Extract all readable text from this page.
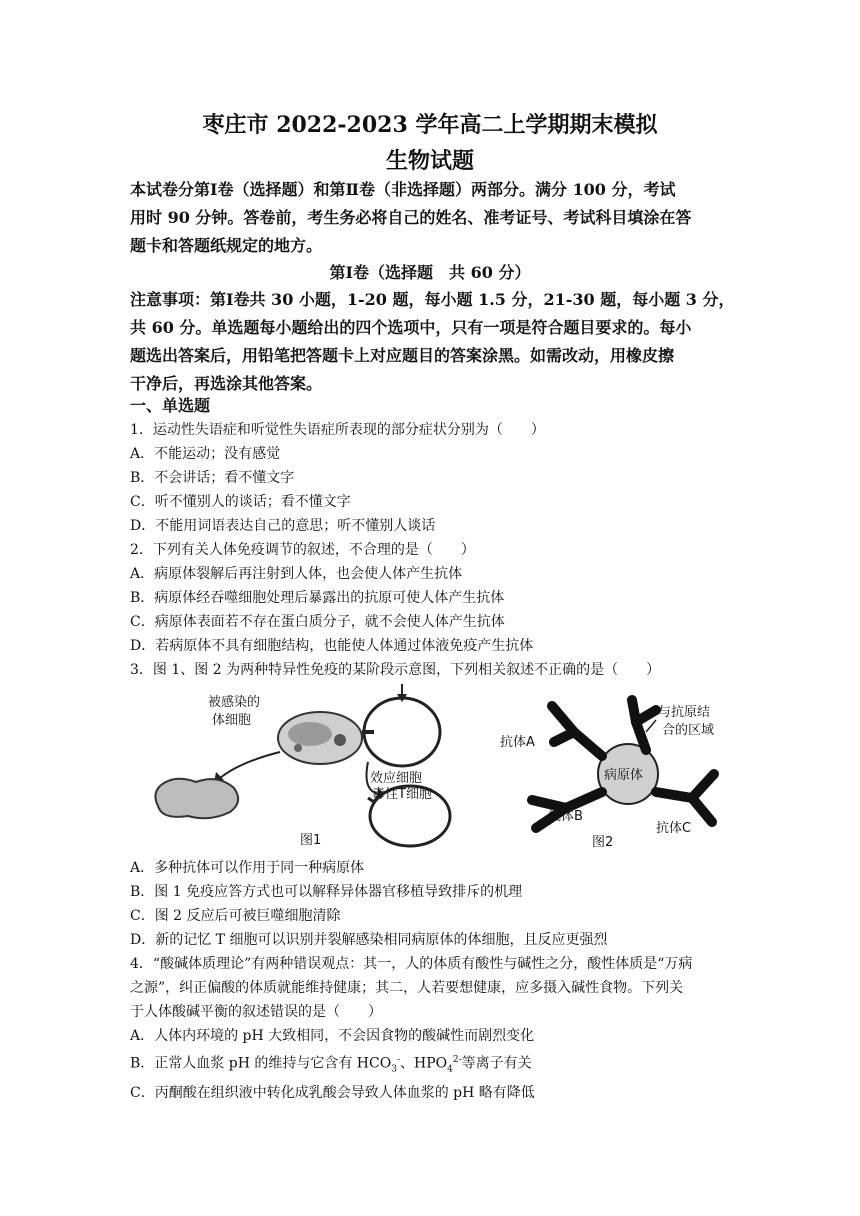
枣庄市 2022-2023 学年高二上学期期末模拟
生物试题
本试卷分第Ⅰ卷（选择题）和第Ⅱ卷（非选择题）两部分。满分 100 分，考试
用时 90 分钟。答卷前，考生务必将自己的姓名、准考证号、考试科目填涂在答
题卡和答题纸规定的地方。
第Ⅰ卷（选择题　共 60 分）
注意事项：第Ⅰ卷共 30 小题，1-20 题，每小题 1.5 分，21-30 题，每小题 3 分，
共 60 分。单选题每小题给出的四个选项中，只有一项是符合题目要求的。每小
题选出答案后，用铅笔把答题卡上对应题目的答案涂黑。如需改动，用橡皮擦
干净后，再选涂其他答案。
一、单选题
1．运动性失语症和听觉性失语症所表现的部分症状分别为（　　）
A．不能运动；没有感觉
B．不会讲话；看不懂文字
C．听不懂别人的谈话；看不懂文字
D．不能用词语表达自己的意思；听不懂别人谈话
2．下列有关人体免疫调节的叙述，不合理的是（　　）
A．病原体裂解后再注射到人体，也会使人体产生抗体
B．病原体经吞噬细胞处理后暴露出的抗原可使人体产生抗体
C．病原体表面若不存在蛋白质分子，就不会使人体产生抗体
D．若病原体不具有细胞结构，也能使人体通过体液免疫产生抗体
3．图 1、图 2 为两种特异性免疫的某阶段示意图，下列相关叙述不正确的是（　　）
被感染的
体细胞
效应细胞
毒性T细胞
图1
病原体
与抗原结
合的区域
抗体A
抗体B
抗体C
图2
A．多种抗体可以作用于同一种病原体
B．图 1 免疫应答方式也可以解释异体器官移植导致排斥的机理
C．图 2 反应后可被巨噬细胞清除
D．新的记忆 T 细胞可以识别并裂解感染相同病原体的体细胞，且反应更强烈
4．“酸碱体质理论”有两种错误观点：其一，人的体质有酸性与碱性之分，酸性体质是“万病
之源”，纠正偏酸的体质就能维持健康；其二，人若要想健康，应多摄入碱性食物。下列关
于人体酸碱平衡的叙述错误的是（　　）
A．人体内环境的 pH 大致相同，不会因食物的酸碱性而剧烈变化
B．正常人血浆 pH 的维持与它含有 $HCO_3^-$、$HPO_4^{2-}$等离子有关
C．丙酮酸在组织液中转化成乳酸会导致人体血浆的 pH 略有降低
